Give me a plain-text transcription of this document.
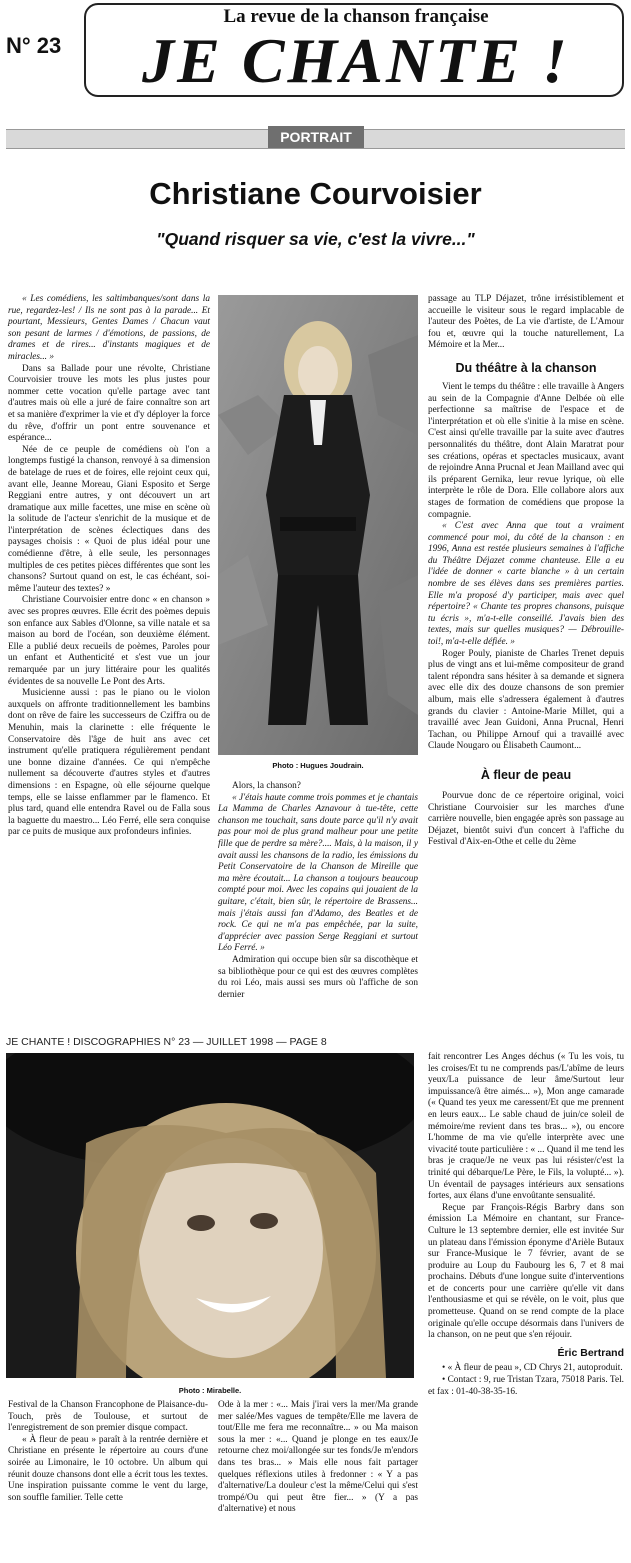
N° 23
La revue de la chanson française
JE CHANTE !
PORTRAIT
Christiane Courvoisier
"Quand risquer sa vie, c'est la vivre..."

« Les comédiens, les saltimbanques/sont dans la rue, regardez-les! / Ils ne sont pas à la parade... Et pourtant, Messieurs, Gentes Dames / Chacun vaut son pesant de larmes / d'émotions, de passions, de drames et de rires... d'instants magiques et de miracles... »

Dans sa Ballade pour une révolte, Christiane Courvoisier trouve les mots les plus justes pour nommer cette vocation qu'elle partage avec tant d'autres mais où elle a juré de faire connaître son art et sa manière d'exprimer la vie et d'y déployer la force du rêve, d'offrir un pont entre souvenance et espérance...

Née de ce peuple de comédiens où l'on a longtemps fustigé la chanson, renvoyé à sa dimension de batelage de rues et de foires, elle rejoint ceux qui, avant elle, Jeanne Moreau, Giani Esposito et Serge Reggiani entre autres, y ont découvert un art dramatique aux mille facettes, une mise en scène où la solitude de l'acteur s'enrichit de la musique et de l'interprétation de scènes éclectiques dans des paysages choisis : « Quoi de plus idéal pour une comédienne d'être, à elle seule, les personnages multiples de ces petites pièces différentes que sont les chansons? Surtout quand on est, le cas échéant, soi-même l'auteur des textes? »

Christiane Courvoisier entre donc « en chanson » avec ses propres œuvres. Elle écrit des poèmes depuis son enfance aux Sables d'Olonne, sa ville natale et sa maison au bord de l'océan, son deuxième élément. Elle a publié deux recueils de poèmes, Paroles pour un enfant et Authenticité et s'est vue un jour remarquée par un jury littéraire pour les qualités évidentes de sa nouvelle Le Pont des Arts.

Musicienne aussi : pas le piano ou le violon auxquels on affronte traditionnellement les bambins dont on rêve de faire les successeurs de Cziffra ou de Menuhin, mais la clarinette : elle fréquente le Conservatoire dès l'âge de huit ans avec cet instrument qu'elle pratiquera régulièrement pendant une bonne dizaine d'années. Ce qui n'empêche nullement sa découverte d'autres styles et d'autres dimensions : en Espagne, où elle séjourne quelque temps, elle se laisse enflammer par le flamenco. Et plus tard, quand elle entendra Ravel ou de Falla sous la baguette du maestro... Léo Ferré, elle sera conquise par ce puits de musique aux profondeurs infinies.

Photo : Hugues Joudrain.

Alors, la chanson?

« J'étais haute comme trois pommes et je chantais La Mamma de Charles Aznavour à tue-tête, cette chanson me touchait, sans doute parce qu'il n'y avait pas pour moi de plus grand malheur pour une petite fille que de perdre sa mère?.... Mais, à la maison, il y avait aussi les chansons de la radio, les émissions du Petit Conservatoire de la Chanson de Mireille que ma mère écoutait... La chanson a toujours beaucoup compté pour moi. Avec les copains qui jouaient de la guitare, c'était, bien sûr, le répertoire de Brassens... mais j'étais aussi fan d'Adamo, des Beatles et de rock. Ce qui ne m'a pas empêchée, par la suite, d'apprécier avec passion Serge Reggiani et surtout Léo Ferré. »

Admiration qui occupe bien sûr sa discothèque et sa bibliothèque pour ce qui est des œuvres complètes du roi Léo, mais aussi ses murs où l'affiche de son dernier

passage au TLP Déjazet, trône irrésistiblement et accueille le visiteur sous le regard implacable de l'auteur des Poètes, de La vie d'artiste, de L'Amour fou et, œuvre qui la touche naturellement, La Mémoire et la Mer...

Du théâtre à la chanson

Vient le temps du théâtre : elle travaille à Angers au sein de la Compagnie d'Anne Delbée où elle perfectionne sa maîtrise de l'espace et de l'interprétation et où elle s'initie à la mise en scène. C'est ainsi qu'elle travaille par la suite avec d'autres personnalités du théâtre, dont Alain Maratrat pour ses créations, opéras et spectacles musicaux, avant de rejoindre Anna Prucnal et Jean Mailland avec qui ils préparent Gernika, leur revue lyrique, où elle interprète le rôle de Dora. Elle collabore alors aux stages de formation de comédiens que propose la compagnie.

« C'est avec Anna que tout a vraiment commencé pour moi, du côté de la chanson : en 1996, Anna est restée plusieurs semaines à l'affiche du Théâtre Déjazet comme chanteuse. Elle a eu l'idée de donner « carte blanche » à un certain nombre de ses élèves dans ses premières parties. Elle m'a proposé d'y participer, mais avec quel répertoire? « Chante tes propres chansons, puisque tu écris », m'a-t-elle conseillé. J'avais bien des textes, mais sur quelles musiques? — Débrouille-toi!, m'a-t-elle défiée. »

Roger Pouly, pianiste de Charles Trenet depuis plus de vingt ans et lui-même compositeur de grand talent répondra sans hésiter à sa demande et signera avec elle dix des douze chansons de son premier album, mais elle s'adressera également à d'autres grands du clavier : Antoine-Marie Millet, qui a travaillé avec Jean Guidoni, Anna Prucnal, Henri Tachan, ou Philippe Arnouf qui a travaillé avec Claude Nougaro ou Élisabeth Caumont...

À fleur de peau

Pourvue donc de ce répertoire original, voici Christiane Courvoisier sur les marches d'une carrière nouvelle, bien engagée après son passage au Déjazet, bientôt suivi d'un concert à l'affiche du Festival d'Aix-en-Othe et celle du 2ème

JE CHANTE ! DISCOGRAPHIES N° 23 — JUILLET 1998 — PAGE 8
Photo : Mirabelle.

fait rencontrer Les Anges déchus (« Tu les vois, tu les croises/Et tu ne comprends pas/L'abîme de leurs yeux/La puissance de leur âme/Surtout leur impuissance/à être aimés... »), Mon ange camarade (« Quand tes yeux me caressent/Et que me prennent en leurs eaux... Le sable chaud de juin/ce soleil de mémoire/me revient dans tes bras... »), ou encore L'homme de ma vie qu'elle interprète avec une vivacité toute particulière : « ... Quand il me tend les bras je craque/Je ne veux pas lui résister/c'est la trinité qui débarque/Le Père, le Fils, la volupté... »). Un éventail de paysages intérieurs aux sensations fortes, aux élans d'une envoûtante sensualité.

Reçue par François-Régis Barbry dans son émission La Mémoire en chantant, sur France-Culture le 13 septembre dernier, elle est invitée Sur un plateau dans l'émission éponyme d'Arièle Butaux sur France-Musique le 7 février, avant de se produire au Loup du Faubourg les 6, 7 et 8 mai prochains. Débuts d'une longue suite d'interventions et de concerts pour une carrière qu'elle vit dans l'enthousiasme et qui se révèle, on le voit, plus que prometteuse. Quand on se rend compte de la place originale qu'elle occupe désormais dans l'univers de la chanson, on ne peut que s'en réjouir.

Éric Bertrand

• « À fleur de peau », CD Chrys 21, autoproduit.

• Contact : 9, rue Tristan Tzara, 75018 Paris. Tel. et fax : 01-40-38-35-16.

Festival de la Chanson Francophone de Plaisance-du-Touch, près de Toulouse, et surtout de l'enregistrement de son premier disque compact.

« À fleur de peau » paraît à la rentrée dernière et Christiane en présente le répertoire au cours d'une soirée au Limonaire, le 10 octobre. Un album qui réunit douze chansons dont elle a écrit tous les textes. Une inspiration puissante comme le vent du large, son souffle familier. Telle cette

Ode à la mer : «... Mais j'irai vers la mer/Ma grande mer salée/Mes vagues de tempête/Elle me lavera de tout/Elle me fera me reconnaître... » ou Ma maison sous la mer : «... Quand je plonge en tes eaux/Je retourne chez moi/allongée sur tes fonds/Je m'endors dans tes bras... » Mais elle nous fait partager quelques réflexions utiles à fredonner : « Y a pas d'alternative/La douleur c'est la même/Celui qui s'est trompé/Ou qui peut être fier... » (Y a pas d'alternative) et nous
